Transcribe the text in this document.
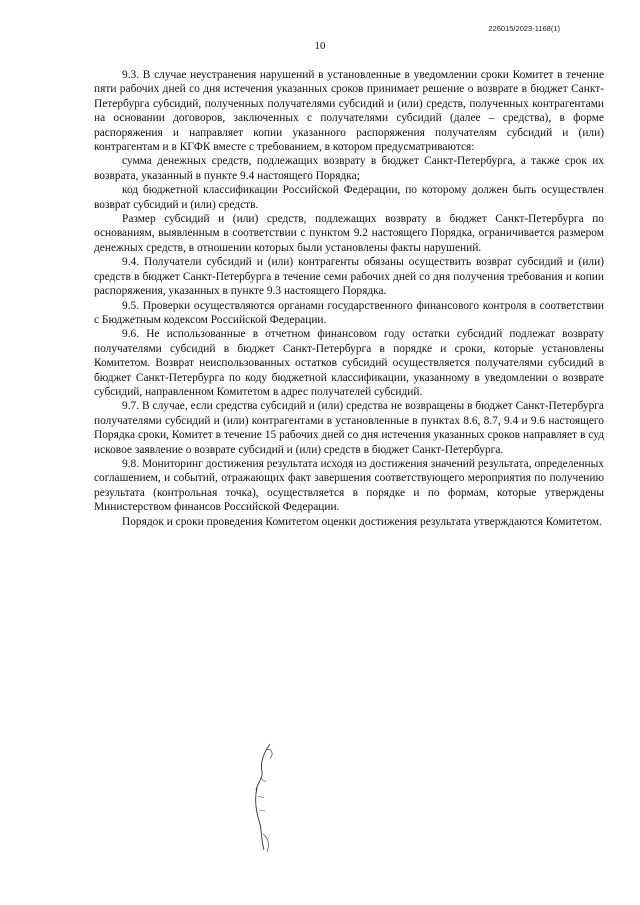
226015/2023-1168(1)
10

9.3. В случае неустранения нарушений в установленные в уведомлении сроки Комитет в течение пяти рабочих дней со дня истечения указанных сроков принимает решение о возврате в бюджет Санкт-Петербурга субсидий, полученных получателями субсидий и (или) средств, полученных контрагентами на основании договоров, заключенных с получателями субсидий (далее – средства), в форме распоряжения и направляет копии указанного распоряжения получателям субсидий и (или) контрагентам и в КГФК вместе с требованием, в котором предусматриваются:

сумма денежных средств, подлежащих возврату в бюджет Санкт-Петербурга, а также срок их возврата, указанный в пункте 9.4 настоящего Порядка;

код бюджетной классификации Российской Федерации, по которому должен быть осуществлен возврат субсидий и (или) средств.

Размер субсидий и (или) средств, подлежащих возврату в бюджет Санкт-Петербурга по основаниям, выявленным в соответствии с пунктом 9.2 настоящего Порядка, ограничивается размером денежных средств, в отношении которых были установлены факты нарушений.

9.4. Получатели субсидий и (или) контрагенты обязаны осуществить возврат субсидий и (или) средств в бюджет Санкт-Петербурга в течение семи рабочих дней со дня получения требования и копии распоряжения, указанных в пункте 9.3 настоящего Порядка.

9.5. Проверки осуществляются органами государственного финансового контроля в соответствии с Бюджетным кодексом Российской Федерации.

9.6. Не использованные в отчетном финансовом году остатки субсидий подлежат возврату получателями субсидий в бюджет Санкт-Петербурга в порядке и сроки, которые установлены Комитетом. Возврат неиспользованных остатков субсидий осуществляется получателями субсидий в бюджет Санкт-Петербурга по коду бюджетной классификации, указанному в уведомлении о возврате субсидий, направленном Комитетом в адрес получателей субсидий.

9.7. В случае, если средства субсидий и (или) средства не возвращены в бюджет Санкт-Петербурга получателями субсидий и (или) контрагентами в установленные в пунктах 8.6, 8.7, 9.4 и 9.6 настоящего Порядка сроки, Комитет в течение 15 рабочих дней со дня истечения указанных сроков направляет в суд исковое заявление о возврате субсидий и (или) средств в бюджет Санкт-Петербурга.

9.8. Мониторинг достижения результата исходя из достижения значений результата, определенных соглашением, и событий, отражающих факт завершения соответствующего мероприятия по получению результата (контрольная точка), осуществляется в порядке и по формам, которые утверждены Министерством финансов Российской Федерации.

Порядок и сроки проведения Комитетом оценки достижения результата утверждаются Комитетом.
